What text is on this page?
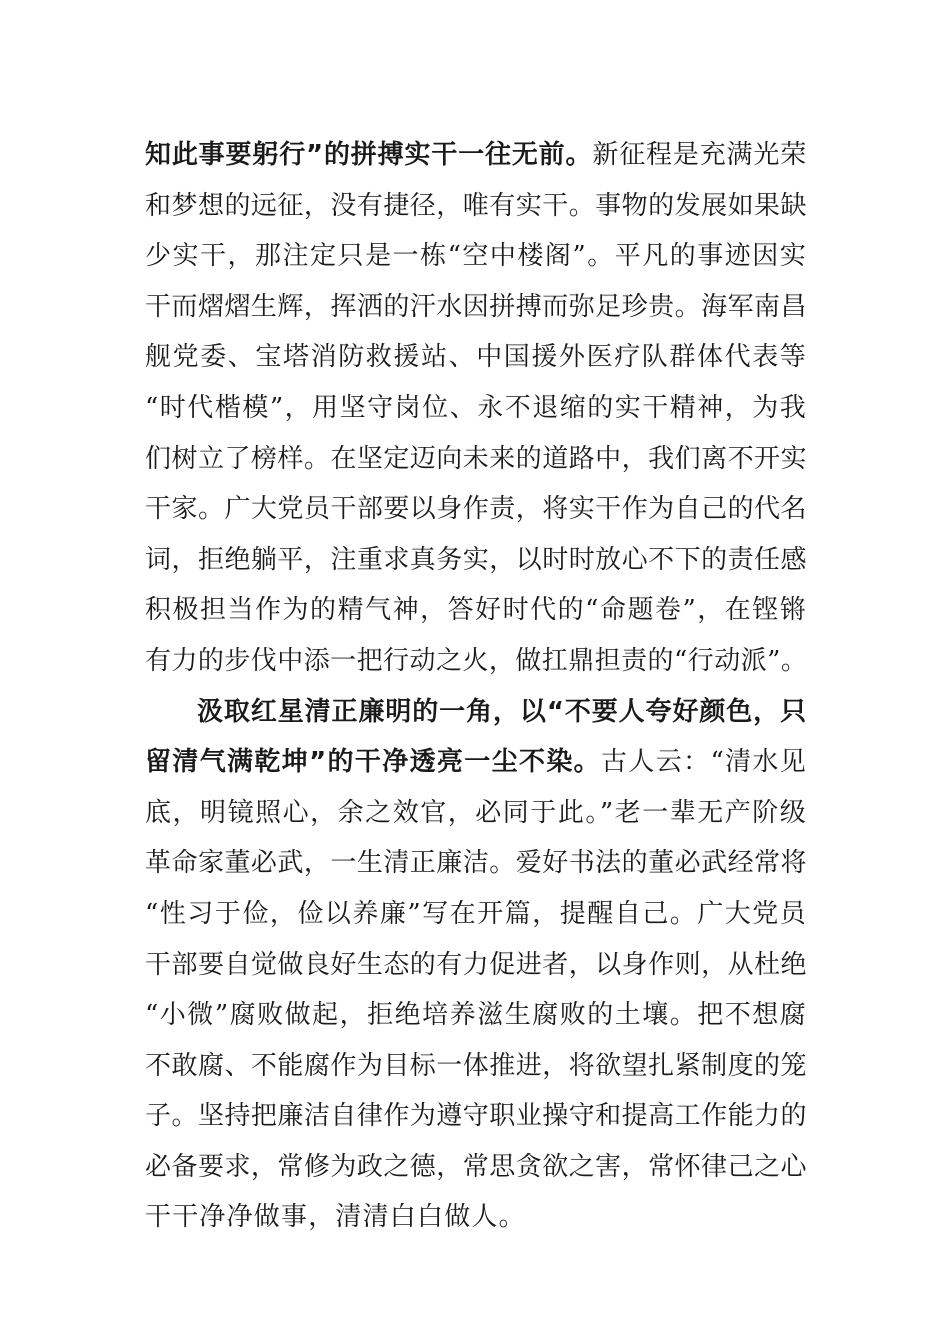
知此事要躬行”的拼搏实干一往无前。新征程是充满光荣
和梦想的远征，没有捷径，唯有实干。事物的发展如果缺
少实干，那注定只是一栋“空中楼阁”。平凡的事迹因实
干而熠熠生辉，挥洒的汗水因拼搏而弥足珍贵。海军南昌
舰党委、宝塔消防救援站、中国援外医疗队群体代表等
“时代楷模”，用坚守岗位、永不退缩的实干精神，为我
们树立了榜样。在坚定迈向未来的道路中，我们离不开实
干家。广大党员干部要以身作责，将实干作为自己的代名
词，拒绝躺平，注重求真务实，以时时放心不下的责任感
积极担当作为的精气神，答好时代的“命题卷”，在铿锵
有力的步伐中添一把行动之火，做扛鼎担责的“行动派”。
汲取红星清正廉明的一角，以“不要人夸好颜色，只
留清气满乾坤”的干净透亮一尘不染。古人云：“清水见
底，明镜照心，余之效官，必同于此。”老一辈无产阶级
革命家董必武，一生清正廉洁。爱好书法的董必武经常将
“性习于俭，俭以养廉”写在开篇，提醒自己。广大党员
干部要自觉做良好生态的有力促进者，以身作则，从杜绝
“小微”腐败做起，拒绝培养滋生腐败的土壤。把不想腐
不敢腐、不能腐作为目标一体推进，将欲望扎紧制度的笼
子。坚持把廉洁自律作为遵守职业操守和提高工作能力的
必备要求，常修为政之德，常思贪欲之害，常怀律己之心
干干净净做事，清清白白做人。
